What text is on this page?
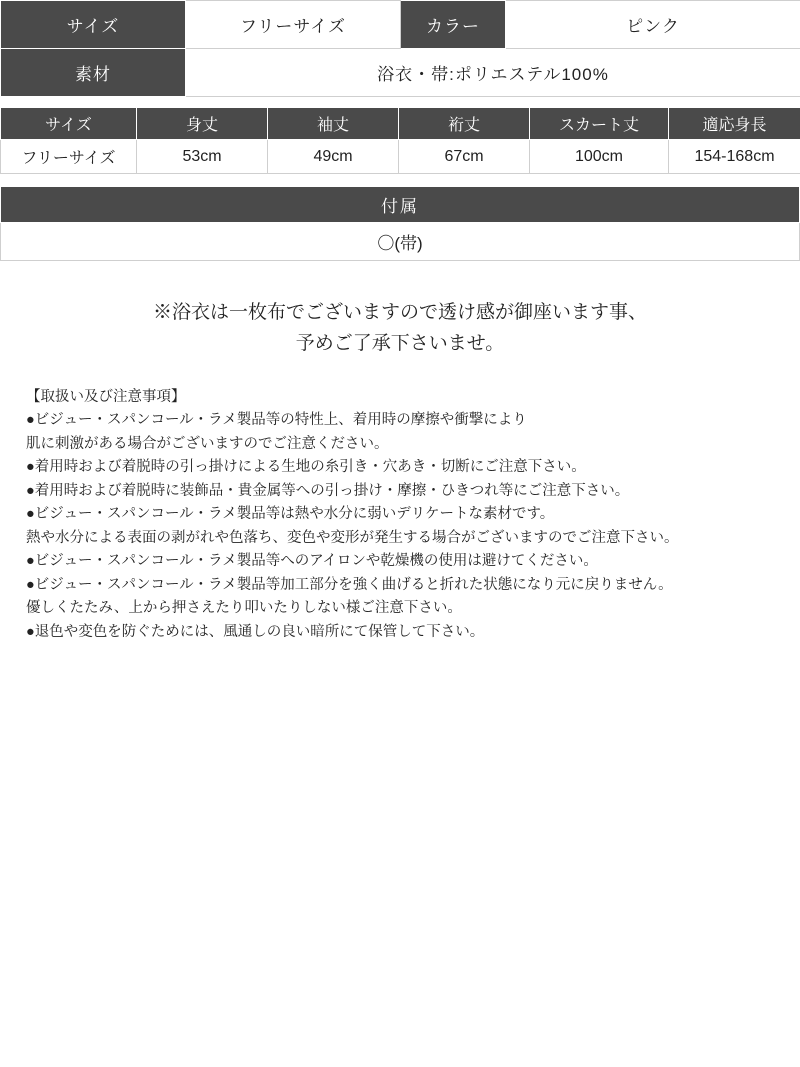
サイズ	フリーサイズ	カラー	ピンク
素材	浴衣・帯:ポリエステル100%		
サイズ	身丈	袖丈	裄丈	スカート丈	適応身長
フリーサイズ	53cm	49cm	67cm	100cm	154-168cm
付属
〇(帯)
※浴衣は一枚布でございますので透け感が御座います事、
予めご了承下さいませ。
【取扱い及び注意事項】
●ビジュー・スパンコール・ラメ製品等の特性上、着用時の摩擦や衝撃により
肌に刺激がある場合がございますのでご注意ください。
●着用時および着脱時の引っ掛けによる生地の糸引き・穴あき・切断にご注意下さい。
●着用時および着脱時に装飾品・貴金属等への引っ掛け・摩擦・ひきつれ等にご注意下さい。
●ビジュー・スパンコール・ラメ製品等は熱や水分に弱いデリケートな素材です。
熱や水分による表面の剥がれや色落ち、変色や変形が発生する場合がございますのでご注意下さい。
●ビジュー・スパンコール・ラメ製品等へのアイロンや乾燥機の使用は避けてください。
●ビジュー・スパンコール・ラメ製品等加工部分を強く曲げると折れた状態になり元に戻りません。
優しくたたみ、上から押さえたり叩いたりしない様ご注意下さい。
●退色や変色を防ぐためには、風通しの良い暗所にて保管して下さい。
